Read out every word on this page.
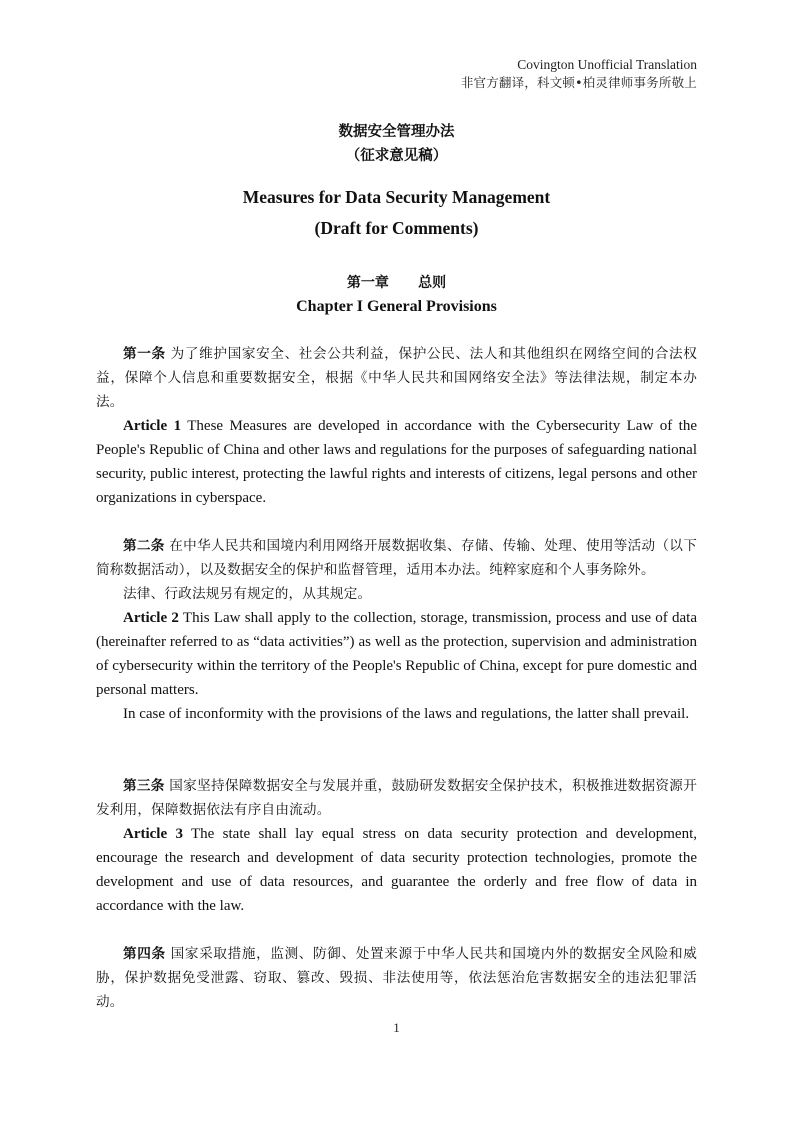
Covington Unofficial Translation
非官方翻译，科文顿•柏灵律师事务所敬上
数据安全管理办法
（征求意见稿）
Measures for Data Security Management
(Draft for Comments)
第一章      总则
Chapter I General Provisions

第一条 为了维护国家安全、社会公共利益，保护公民、法人和其他组织在网络空间的合法权益，保障个人信息和重要数据安全，根据《中华人民共和国网络安全法》等法律法规，制定本办法。

Article 1 These Measures are developed in accordance with the Cybersecurity Law of the People's Republic of China and other laws and regulations for the purposes of safeguarding national security, public interest, protecting the lawful rights and interests of citizens, legal persons and other organizations in cyberspace.

第二条 在中华人民共和国境内利用网络开展数据收集、存储、传输、处理、使用等活动（以下简称数据活动），以及数据安全的保护和监督管理，适用本办法。纯粹家庭和个人事务除外。

法律、行政法规另有规定的，从其规定。

Article 2 This Law shall apply to the collection, storage, transmission, process and use of data (hereinafter referred to as “data activities”) as well as the protection, supervision and administration of cybersecurity within the territory of the People's Republic of China, except for pure domestic and personal matters.

In case of inconformity with the provisions of the laws and regulations, the latter shall prevail.

第三条 国家坚持保障数据安全与发展并重，鼓励研发数据安全保护技术，积极推进数据资源开发利用，保障数据依法有序自由流动。

Article 3 The state shall lay equal stress on data security protection and development, encourage the research and development of data security protection technologies, promote the development and use of data resources, and guarantee the orderly and free flow of data in accordance with the law.

第四条 国家采取措施，监测、防御、处置来源于中华人民共和国境内外的数据安全风险和威胁，保护数据免受泄露、窃取、篡改、毁损、非法使用等，依法惩治危害数据安全的违法犯罪活动。

1
